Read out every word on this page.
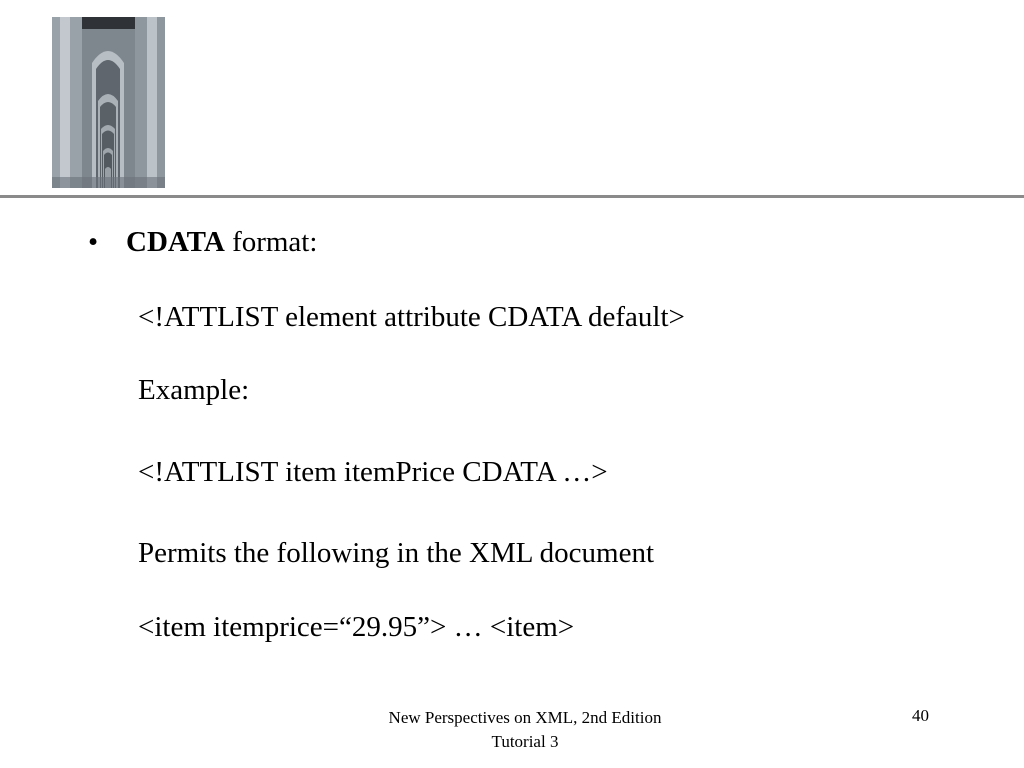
• CDATA format:
<!ATTLIST element attribute CDATA default>
Example:
<!ATTLIST item itemPrice CDATA …>
Permits the following in the XML document
<item itemprice=“29.95”> … <item>
New Perspectives on XML, 2nd Edition
Tutorial 3
40
